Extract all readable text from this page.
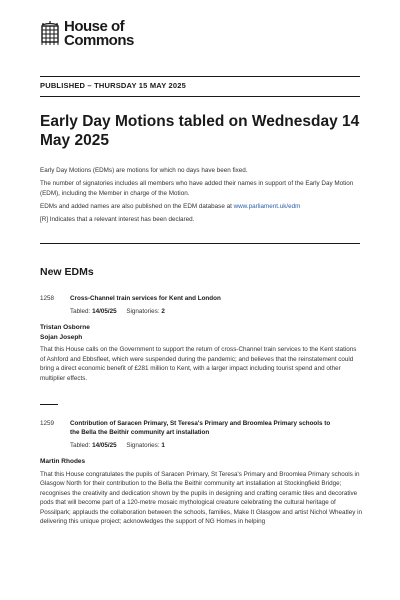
House of
Commons
PUBLISHED – THURSDAY 15 MAY 2025
Early Day Motions tabled on Wednesday 14 May 2025

Early Day Motions (EDMs) are motions for which no days have been fixed.

The number of signatories includes all members who have added their names in support of the Early Day Motion (EDM), including the Member in charge of the Motion.

EDMs and added names are also published on the EDM database at www.parliament.uk/edm

[R] Indicates that a relevant interest has been declared.

New EDMs
1258	Cross-Channel train services for Kent and London
Tabled: 14/05/25 Signatories: 2
Tristan Osborne
Sojan Joseph
That this House calls on the Government to support the return of cross-Channel train services to the Kent stations of Ashford and Ebbsfleet, which were suspended during the pandemic; and believes that the reinstatement could bring a direct economic benefit of £281 million to Kent, with a larger impact including tourist spend and other multiplier effects.
1259	Contribution of Saracen Primary, St Teresa's Primary and Broomlea Primary schools to the Bella the Beithir community art installation
Tabled: 14/05/25 Signatories: 1
Martin Rhodes
That this House congratulates the pupils of Saracen Primary, St Teresa's Primary and Broomlea Primary schools in Glasgow North for their contribution to the Bella the Beithir community art installation at Stockingfield Bridge; recognises the creativity and dedication shown by the pupils in designing and crafting ceramic tiles and decorative pods that will become part of a 120-metre mosaic mythological creature celebrating the cultural heritage of Possilpark; applauds the collaboration between the schools, families, Make It Glasgow and artist Nichol Wheatley in delivering this unique project; acknowledges the support of NG Homes in helping
